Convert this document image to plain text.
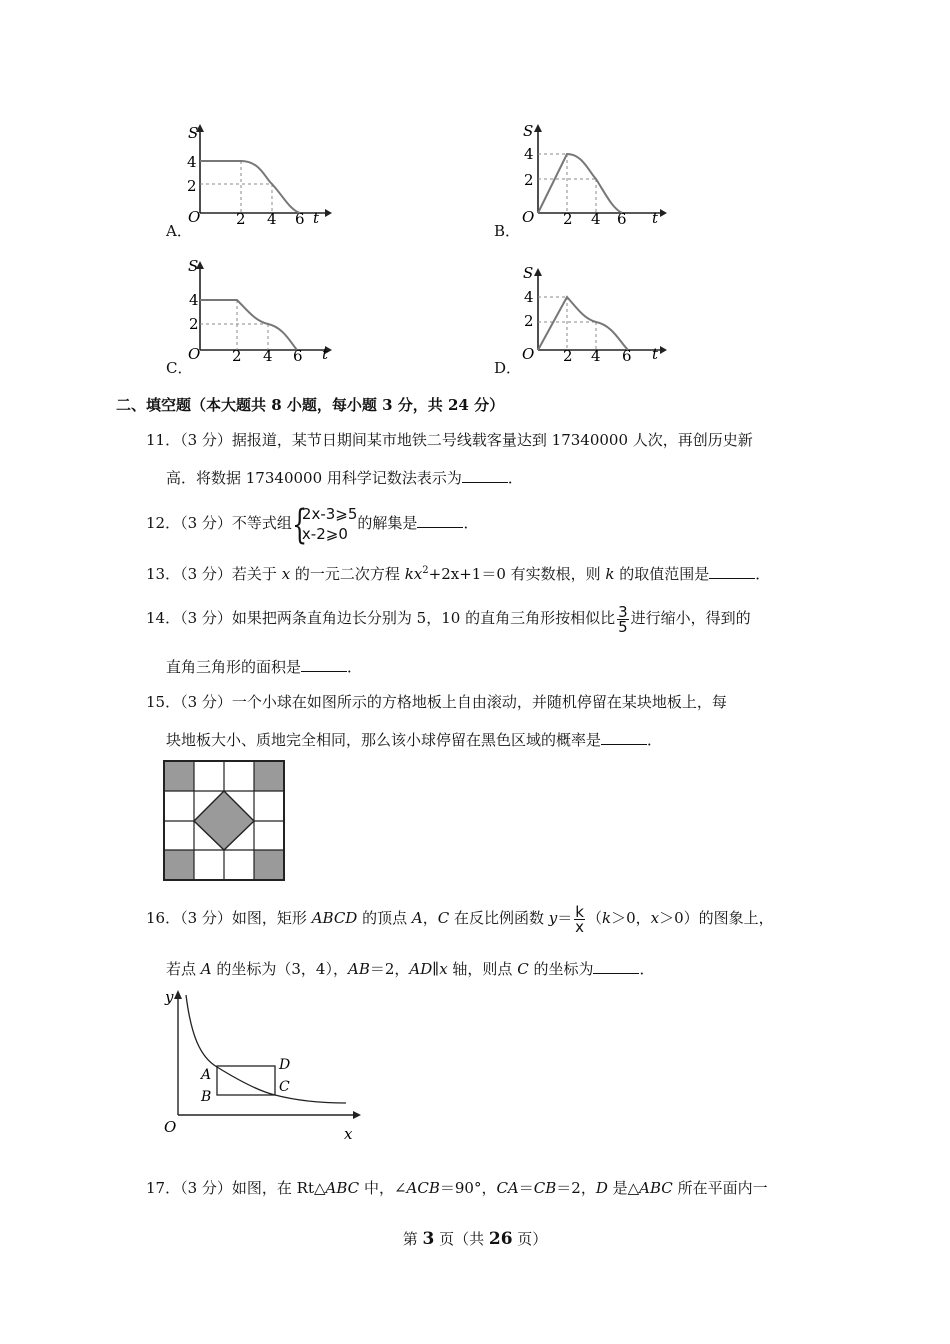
S
O	t
4
2
2 4 6
A．
S
O	t
4
2
2 4 6
B．
S
O	t
4
2
2 4 6
C．
S
O	t
4
2
2 4 6
D．
二、填空题（本大题共 8 小题，每小题 3 分，共 24 分）
11．（3 分）据报道，某节日期间某市地铁二号线载客量达到 17340000 人次，再创历史新
高．将数据 17340000 用科学记数法表示为	．
12．（3 分）不等式组 {
2x-3⩾5
x-2⩾0
的解集是	．
13．（3 分）若关于 x 的一元二次方程 $kx^2+2x+1=0$ 有实数根，则 k 的取值范围是	．
14．（3 分）如果把两条直角边长分别为 5，10 的直角三角形按相似比 $\frac{3}{5}$ 进行缩小，得到的
直角三角形的面积是	．
15．（3 分）一个小球在如图所示的方格地板上自由滚动，并随机停留在某块地板上，每
块地板大小、质地完全相同，那么该小球停留在黑色区域的概率是	．
16．（3 分）如图，矩形 ABCD 的顶点 A，C 在反比例函数 $y= \frac{k}{x} (k>0$，x＞0）的图象上，
若点 A 的坐标为（3，4），AB＝2，AD∥x 轴，则点 C 的坐标为	．
y
x
O
A
B
C
D
17．（3 分）如图，在 Rt△ABC 中，∠ACB＝90°，CA＝CB＝2，D 是△ABC 所在平面内一
第 3 页（共 26 页）
